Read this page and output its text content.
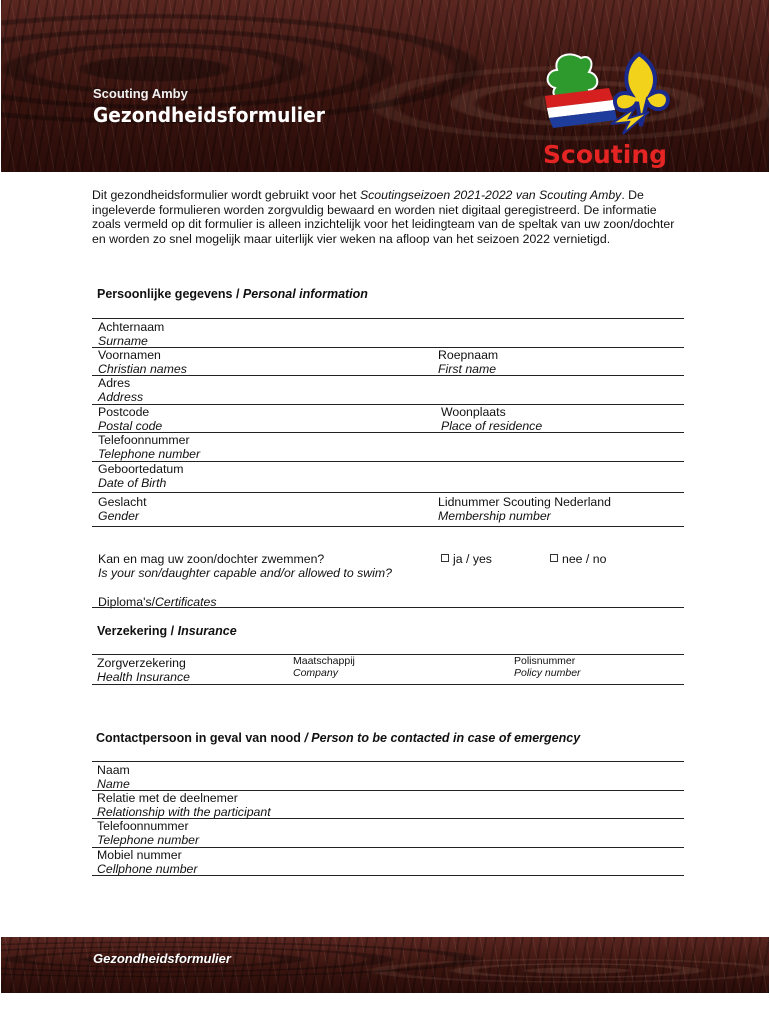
Scouting Amby
Gezondheidsformulier
Scouting
Dit gezondheidsformulier wordt gebruikt voor het Scoutingseizoen 2021-2022 van Scouting Amby. De ingeleverde formulieren worden zorgvuldig bewaard en worden niet digitaal geregistreerd. De informatie zoals vermeld op dit formulier is alleen inzichtelijk voor het leidingteam van de speltak van uw zoon/dochter en worden zo snel mogelijk maar uiterlijk vier weken na afloop van het seizoen 2022 vernietigd.
Persoonlijke gegevens / Personal information
Achternaam
Surname
Voornamen
Christian names
Roepnaam
First name
Adres
Address
Postcode
Postal code
Woonplaats
Place of residence
Telefoonnummer
Telephone number
Geboortedatum
Date of Birth
Geslacht
Gender
Lidnummer Scouting Nederland
Membership number
Kan en mag uw zoon/dochter zwemmen?
Is your son/daughter capable and/or allowed to swim?
ja / yes	nee / no
Diploma's/Certificates
Verzekering / Insurance
Zorgverzekering
Health Insurance
Maatschappij
Company
Polisnummer
Policy number
Contactpersoon in geval van nood / Person to be contacted in case of emergency
Naam
Name
Relatie met de deelnemer
Relationship with the participant
Telefoonnummer
Telephone number
Mobiel nummer
Cellphone number
Gezondheidsformulier
